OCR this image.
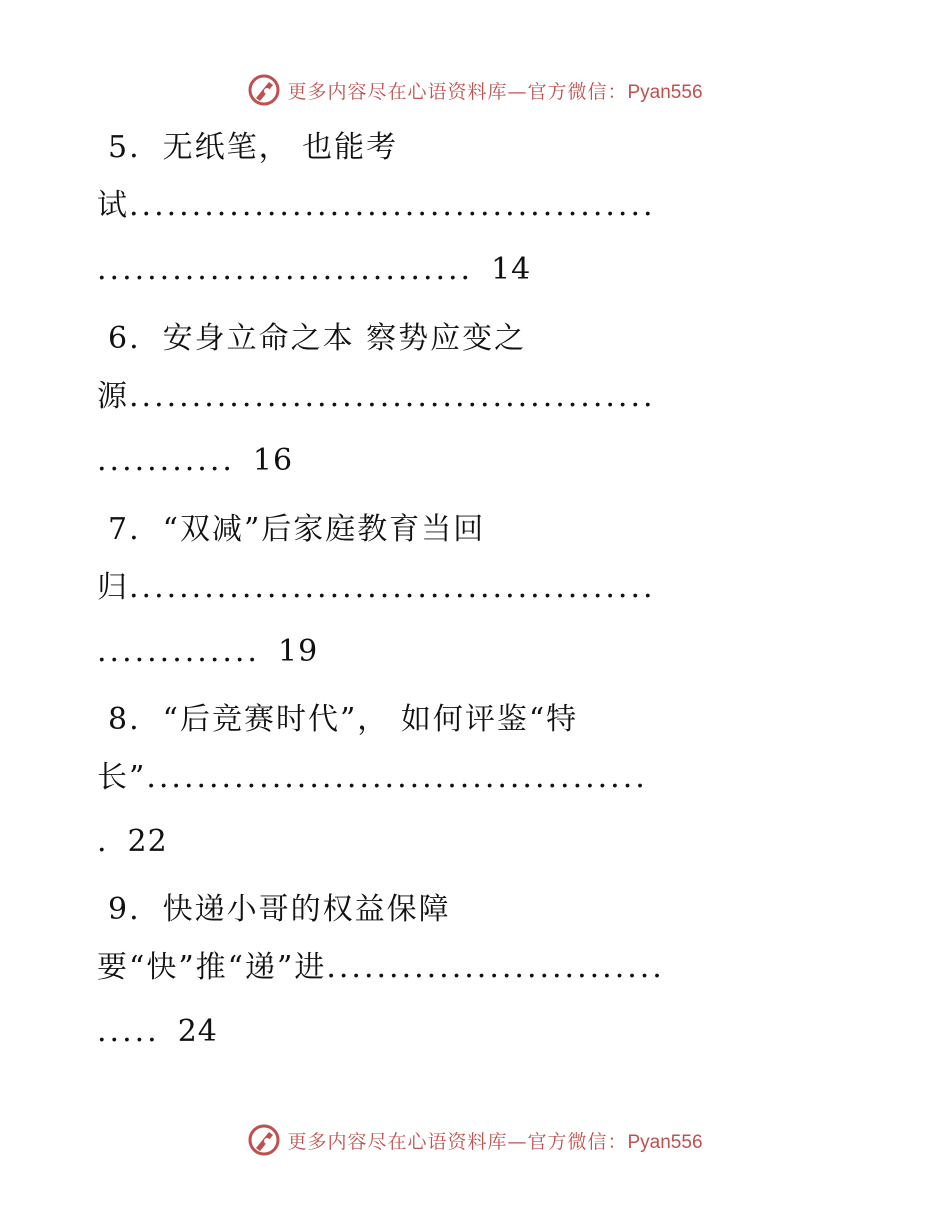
更多内容尽在心语资料库—官方微信：Pyan556
5. 无纸笔， 也能考
试..........................................
.............................. 14
6. 安身立命之本 察势应变之
源..........................................
........... 16
7. “双减”后家庭教育当回
归..........................................
............. 19
8. “后竞赛时代”， 如何评鉴“特
长”........................................
. 22
9. 快递小哥的权益保障
要“快”推“递”进...........................
..... 24
更多内容尽在心语资料库—官方微信：Pyan556
